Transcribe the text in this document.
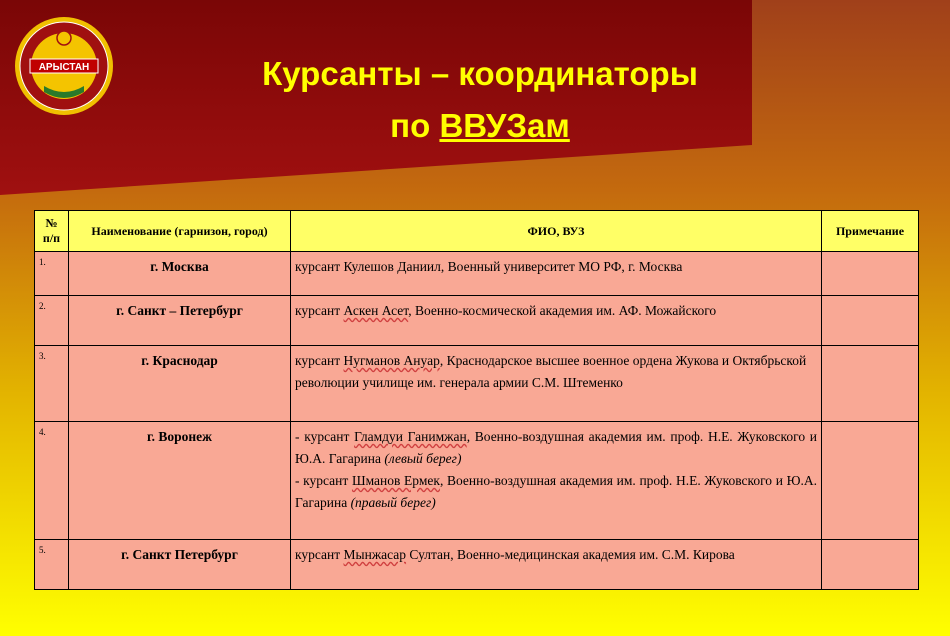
АРЫСТАН	Курсанты – координаторы
по ВВУЗам
№ п/п	Наименование (гарнизон, город)	ФИО, ВУЗ	Примечание
1.	г. Москва	курсант Кулешов Даниил, Военный университет МО РФ, г. Москва	
2.	г. Санкт – Петербург	курсант Аскен Асет, Военно-космической академия им. АФ. Можайского	
3.	г. Краснодар	курсант Нугманов Ануар, Краснодарское высшее военное ордена Жукова и Октябрьской революции училище им. генерала армии С.М. Штеменко	
4.	г. Воронеж	- курсант Гламдуи Ганимжан, Военно-воздушная академия им. проф. Н.Е. Жуковского и Ю.А. Гагарина (левый берег)
- курсант Шманов Ермек, Военно-воздушная академия им. проф. Н.Е. Жуковского и Ю.А. Гагарина (правый берег)	
5.	г. Санкт Петербург	курсант Мынжасар Султан, Военно-медицинская академия им. С.М. Кирова	
